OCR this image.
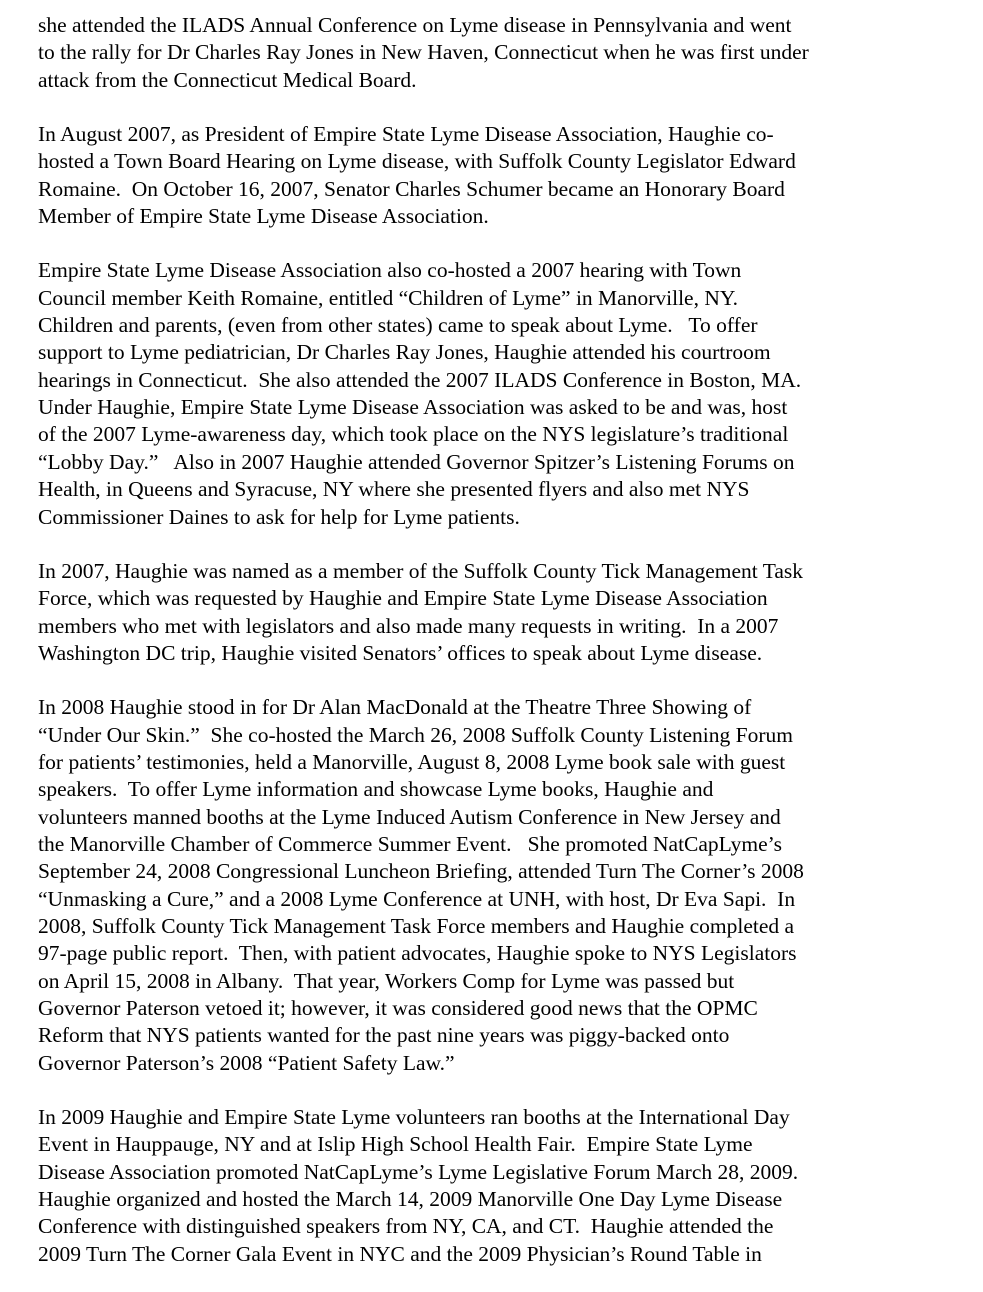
she attended the ILADS Annual Conference on Lyme disease in Pennsylvania and went
to the rally for Dr Charles Ray Jones in New Haven, Connecticut when he was first under
attack from the Connecticut Medical Board.
In August 2007, as President of Empire State Lyme Disease Association, Haughie co-
hosted a Town Board Hearing on Lyme disease, with Suffolk County Legislator Edward
Romaine.  On October 16, 2007, Senator Charles Schumer became an Honorary Board
Member of Empire State Lyme Disease Association.
Empire State Lyme Disease Association also co-hosted a 2007 hearing with Town
Council member Keith Romaine, entitled “Children of Lyme” in Manorville, NY.
Children and parents, (even from other states) came to speak about Lyme.   To offer
support to Lyme pediatrician, Dr Charles Ray Jones, Haughie attended his courtroom
hearings in Connecticut.  She also attended the 2007 ILADS Conference in Boston, MA.
Under Haughie, Empire State Lyme Disease Association was asked to be and was, host
of the 2007 Lyme-awareness day, which took place on the NYS legislature’s traditional
“Lobby Day.”   Also in 2007 Haughie attended Governor Spitzer’s Listening Forums on
Health, in Queens and Syracuse, NY where she presented flyers and also met NYS
Commissioner Daines to ask for help for Lyme patients.
In 2007, Haughie was named as a member of the Suffolk County Tick Management Task
Force, which was requested by Haughie and Empire State Lyme Disease Association
members who met with legislators and also made many requests in writing.  In a 2007
Washington DC trip, Haughie visited Senators’ offices to speak about Lyme disease.
In 2008 Haughie stood in for Dr Alan MacDonald at the Theatre Three Showing of
“Under Our Skin.”  She co-hosted the March 26, 2008 Suffolk County Listening Forum
for patients’ testimonies, held a Manorville, August 8, 2008 Lyme book sale with guest
speakers.  To offer Lyme information and showcase Lyme books, Haughie and
volunteers manned booths at the Lyme Induced Autism Conference in New Jersey and
the Manorville Chamber of Commerce Summer Event.   She promoted NatCapLyme’s
September 24, 2008 Congressional Luncheon Briefing, attended Turn The Corner’s 2008
“Unmasking a Cure,” and a 2008 Lyme Conference at UNH, with host, Dr Eva Sapi.  In
2008, Suffolk County Tick Management Task Force members and Haughie completed a
97-page public report.  Then, with patient advocates, Haughie spoke to NYS Legislators
on April 15, 2008 in Albany.  That year, Workers Comp for Lyme was passed but
Governor Paterson vetoed it; however, it was considered good news that the OPMC
Reform that NYS patients wanted for the past nine years was piggy-backed onto
Governor Paterson’s 2008 “Patient Safety Law.”
In 2009 Haughie and Empire State Lyme volunteers ran booths at the International Day
Event in Hauppauge, NY and at Islip High School Health Fair.  Empire State Lyme
Disease Association promoted NatCapLyme’s Lyme Legislative Forum March 28, 2009.
Haughie organized and hosted the March 14, 2009 Manorville One Day Lyme Disease
Conference with distinguished speakers from NY, CA, and CT.  Haughie attended the
2009 Turn The Corner Gala Event in NYC and the 2009 Physician’s Round Table in
